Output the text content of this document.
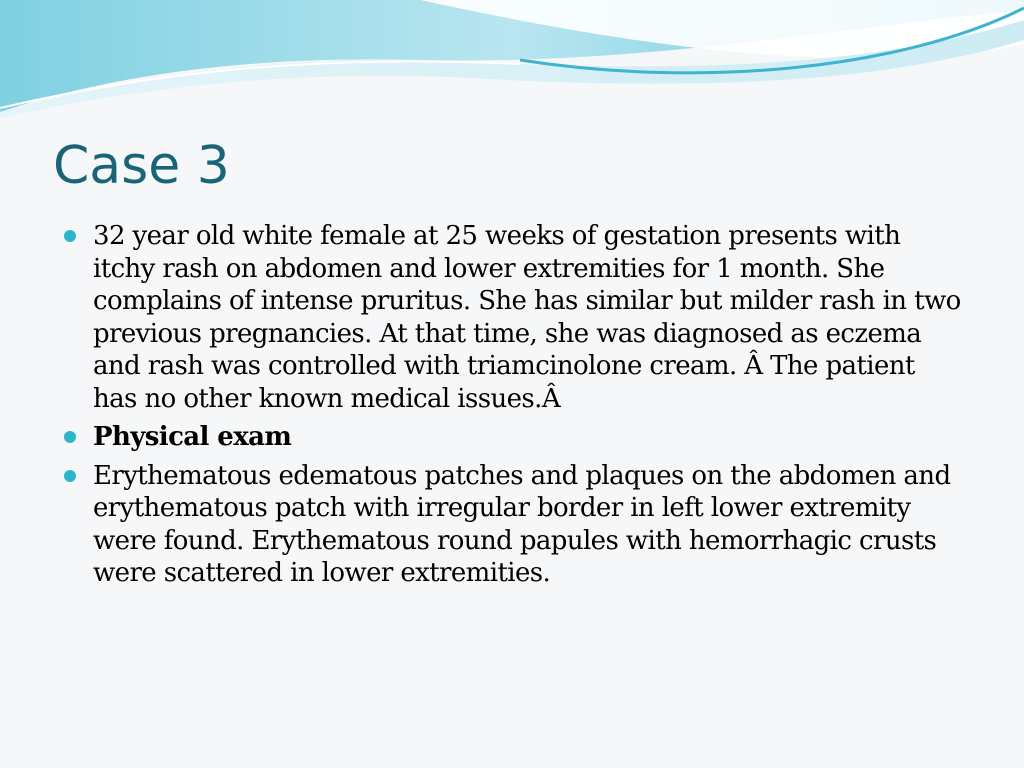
Case 3
32 year old white female at 25 weeks of gestation presents with itchy rash on abdomen and lower extremities for 1 month. She complains of intense pruritus. She has similar but milder rash in two previous pregnancies. At that time, she was diagnosed as eczema and rash was controlled with triamcinolone cream. Â The patient has no other known medical issues.Â
Physical exam
Erythematous edematous patches and plaques on the abdomen and erythematous patch with irregular border in left lower extremity were found. Erythematous round papules with hemorrhagic crusts were scattered in lower extremities.
